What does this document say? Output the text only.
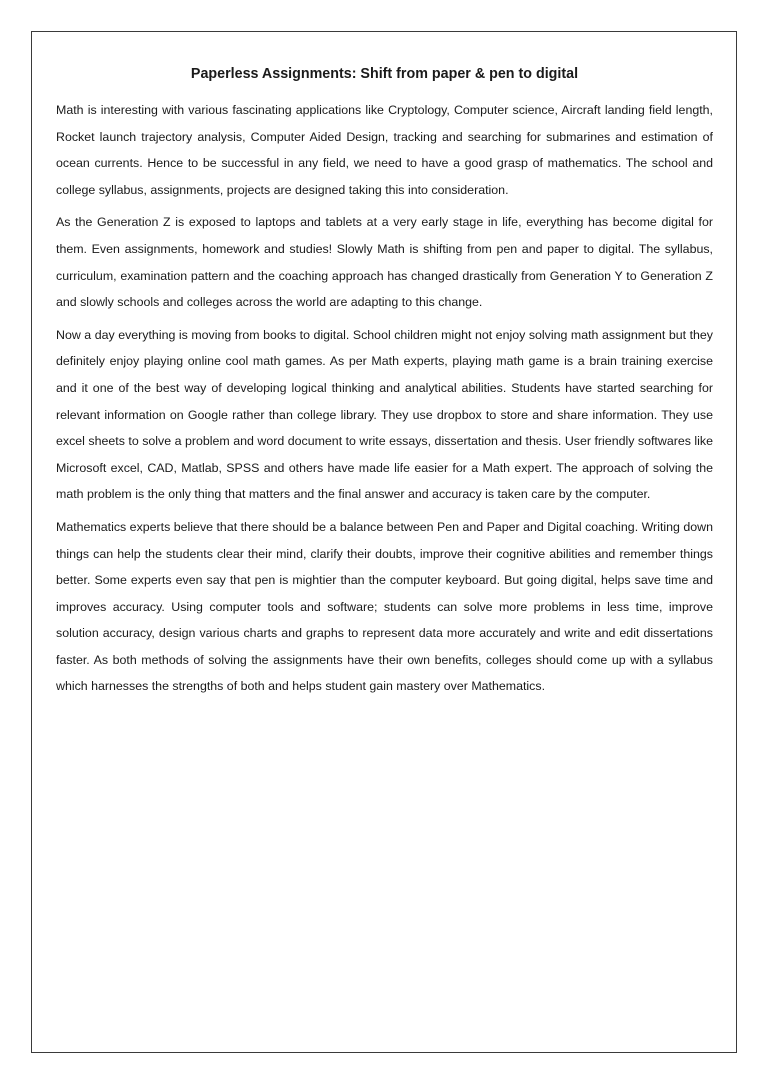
Paperless Assignments: Shift from paper & pen to digital

Math is interesting with various fascinating applications like Cryptology, Computer science, Aircraft landing field length, Rocket launch trajectory analysis, Computer Aided Design, tracking and searching for submarines and estimation of ocean currents. Hence to be successful in any field, we need to have a good grasp of mathematics. The school and college syllabus, assignments, projects are designed taking this into consideration.

As the Generation Z is exposed to laptops and tablets at a very early stage in life, everything has become digital for them. Even assignments, homework and studies! Slowly Math is shifting from pen and paper to digital. The syllabus, curriculum, examination pattern and the coaching approach has changed drastically from Generation Y to Generation Z and slowly schools and colleges across the world are adapting to this change.

Now a day everything is moving from books to digital. School children might not enjoy solving math assignment but they definitely enjoy playing online cool math games. As per Math experts, playing math game is a brain training exercise and it one of the best way of developing logical thinking and analytical abilities. Students have started searching for relevant information on Google rather than college library. They use dropbox to store and share information. They use excel sheets to solve a problem and word document to write essays, dissertation and thesis. User friendly softwares like Microsoft excel, CAD, Matlab, SPSS and others have made life easier for a Math expert. The approach of solving the math problem is the only thing that matters and the final answer and accuracy is taken care by the computer.

Mathematics experts believe that there should be a balance between Pen and Paper and Digital coaching. Writing down things can help the students clear their mind, clarify their doubts, improve their cognitive abilities and remember things better. Some experts even say that pen is mightier than the computer keyboard. But going digital, helps save time and improves accuracy. Using computer tools and software; students can solve more problems in less time, improve solution accuracy, design various charts and graphs to represent data more accurately and write and edit dissertations faster. As both methods of solving the assignments have their own benefits, colleges should come up with a syllabus which harnesses the strengths of both and helps student gain mastery over Mathematics.
